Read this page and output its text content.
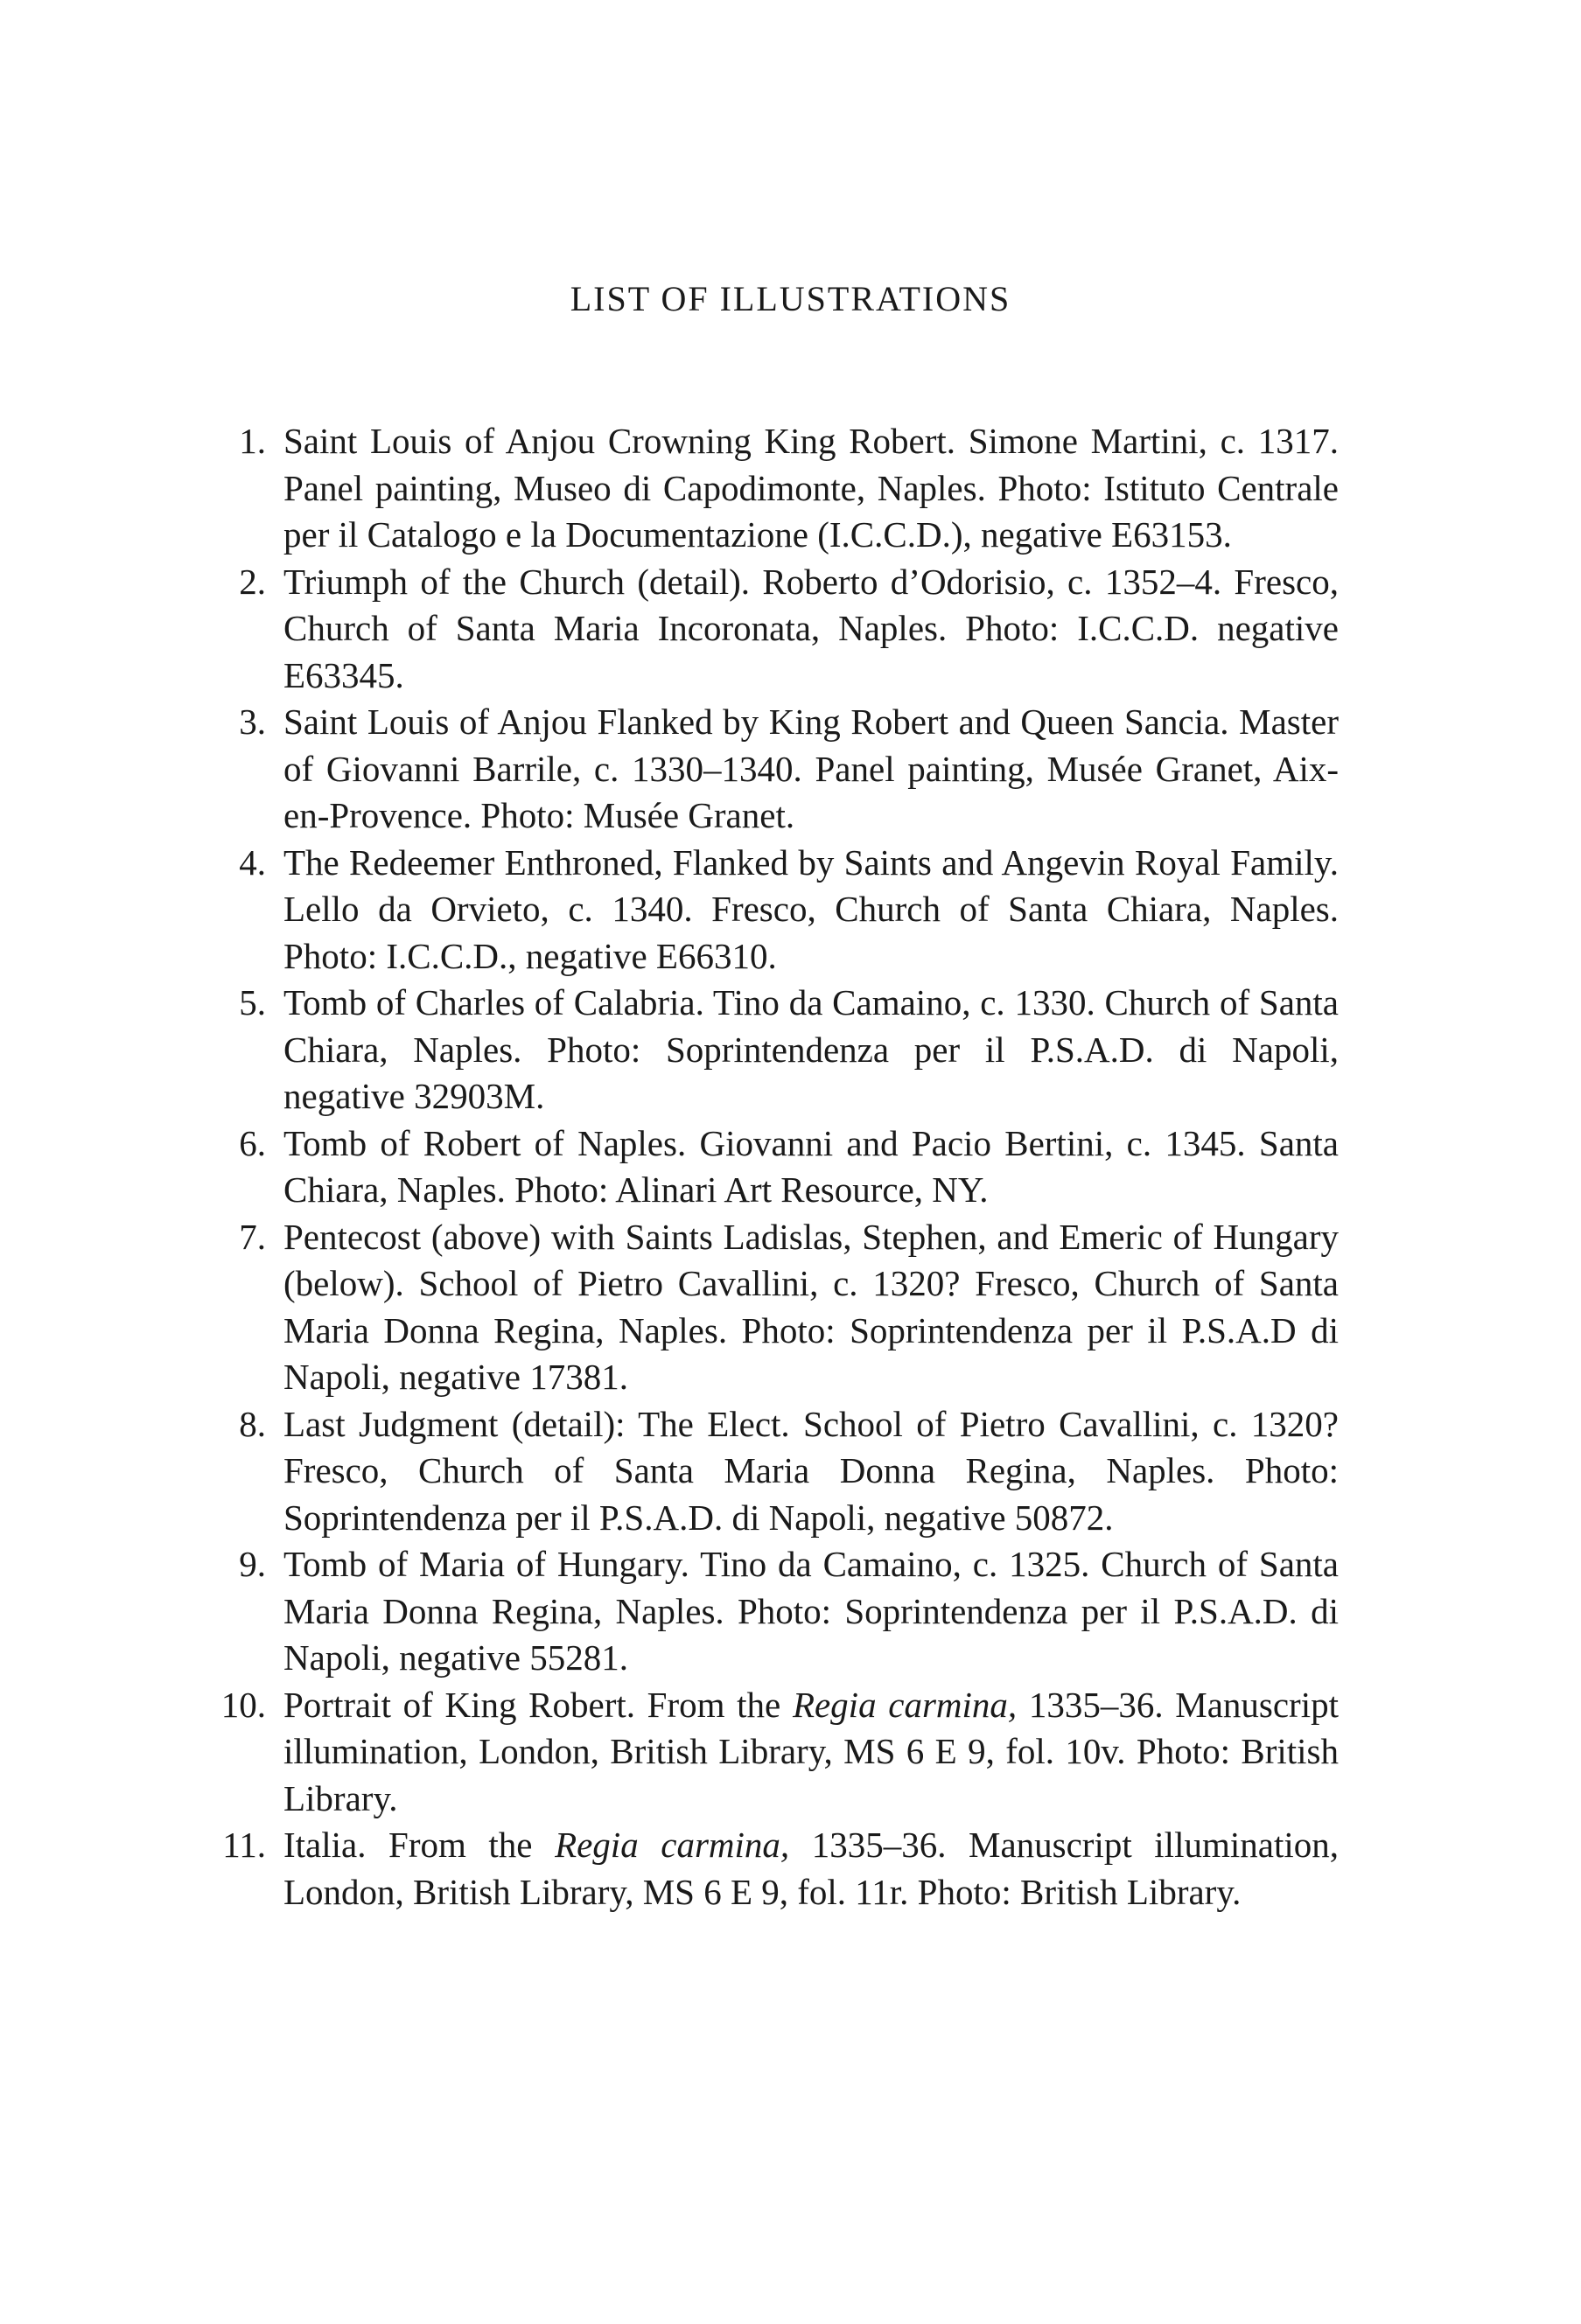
LIST OF ILLUSTRATIONS
1. Saint Louis of Anjou Crowning King Robert. Simone Martini, c. 1317. Panel painting, Museo di Capodimonte, Naples. Photo: Istituto Centrale per il Catalogo e la Documentazione (I.C.C.D.), negative E63153.
2. Triumph of the Church (detail). Roberto d’Odorisio, c. 1352–4. Fresco, Church of Santa Maria Incoronata, Naples. Photo: I.C.C.D. negative E63345.
3. Saint Louis of Anjou Flanked by King Robert and Queen Sancia. Master of Giovanni Barrile, c. 1330–1340. Panel painting, Musée Granet, Aix-en-Provence. Photo: Musée Granet.
4. The Redeemer Enthroned, Flanked by Saints and Angevin Royal Family. Lello da Orvieto, c. 1340. Fresco, Church of Santa Chiara, Naples. Photo: I.C.C.D., negative E66310.
5. Tomb of Charles of Calabria. Tino da Camaino, c. 1330. Church of Santa Chiara, Naples. Photo: Soprintendenza per il P.S.A.D. di Napoli, negative 32903M.
6. Tomb of Robert of Naples. Giovanni and Pacio Bertini, c. 1345. Santa Chiara, Naples. Photo: Alinari Art Resource, NY.
7. Pentecost (above) with Saints Ladislas, Stephen, and Emeric of Hungary (below). School of Pietro Cavallini, c. 1320? Fresco, Church of Santa Maria Donna Regina, Naples. Photo: Soprintendenza per il P.S.A.D di Napoli, negative 17381.
8. Last Judgment (detail): The Elect. School of Pietro Cavallini, c. 1320? Fresco, Church of Santa Maria Donna Regina, Naples. Photo: Soprintendenza per il P.S.A.D. di Napoli, negative 50872.
9. Tomb of Maria of Hungary. Tino da Camaino, c. 1325. Church of Santa Maria Donna Regina, Naples. Photo: Soprintendenza per il P.S.A.D. di Napoli, negative 55281.
10. Portrait of King Robert. From the Regia carmina, 1335–36. Manuscript illumination, London, British Library, MS 6 E 9, fol. 10v. Photo: British Library.
11. Italia. From the Regia carmina, 1335–36. Manuscript illumination, London, British Library, MS 6 E 9, fol. 11r. Photo: British Library.
